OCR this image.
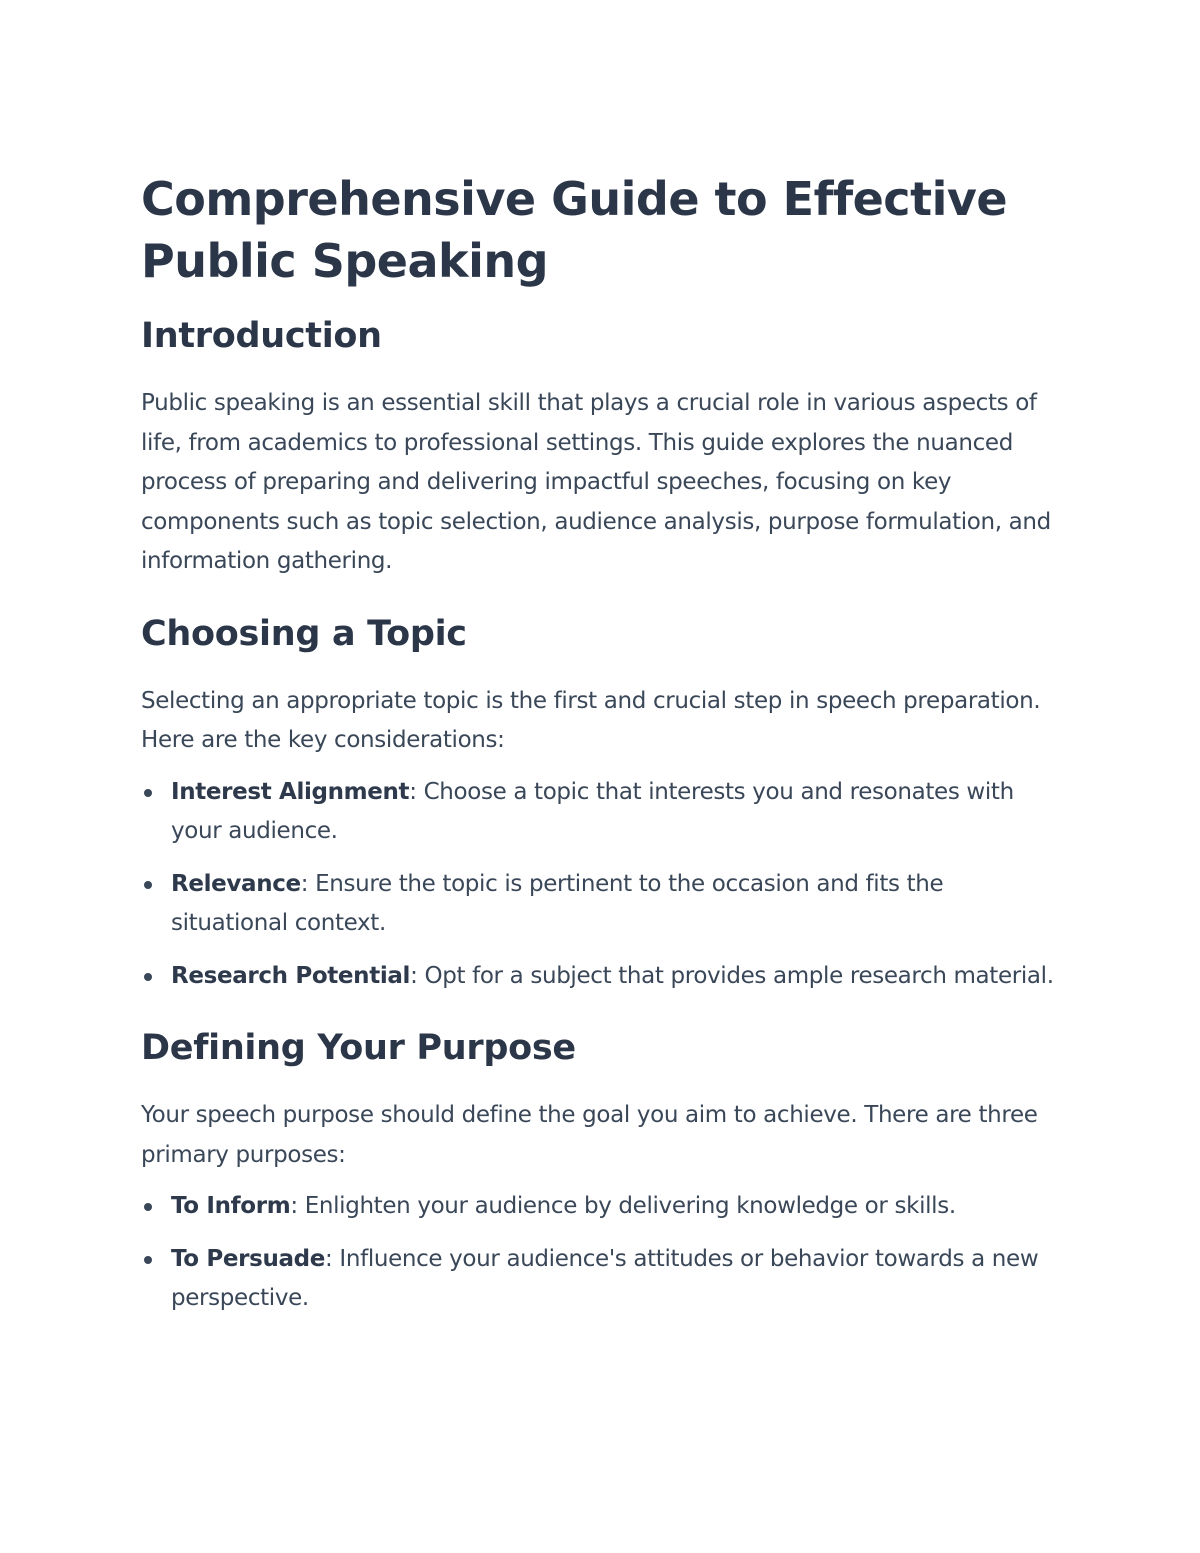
Comprehensive Guide to Effective Public Speaking
Introduction

Public speaking is an essential skill that plays a crucial role in various aspects of life, from academics to professional settings. This guide explores the nuanced process of preparing and delivering impactful speeches, focusing on key components such as topic selection, audience analysis, purpose formulation, and information gathering.

Choosing a Topic

Selecting an appropriate topic is the first and crucial step in speech preparation. Here are the key considerations:

Interest Alignment: Choose a topic that interests you and resonates with your audience.
Relevance: Ensure the topic is pertinent to the occasion and fits the situational context.
Research Potential: Opt for a subject that provides ample research material.
Defining Your Purpose

Your speech purpose should define the goal you aim to achieve. There are three primary purposes:

To Inform: Enlighten your audience by delivering knowledge or skills.
To Persuade: Influence your audience's attitudes or behavior towards a new perspective.
